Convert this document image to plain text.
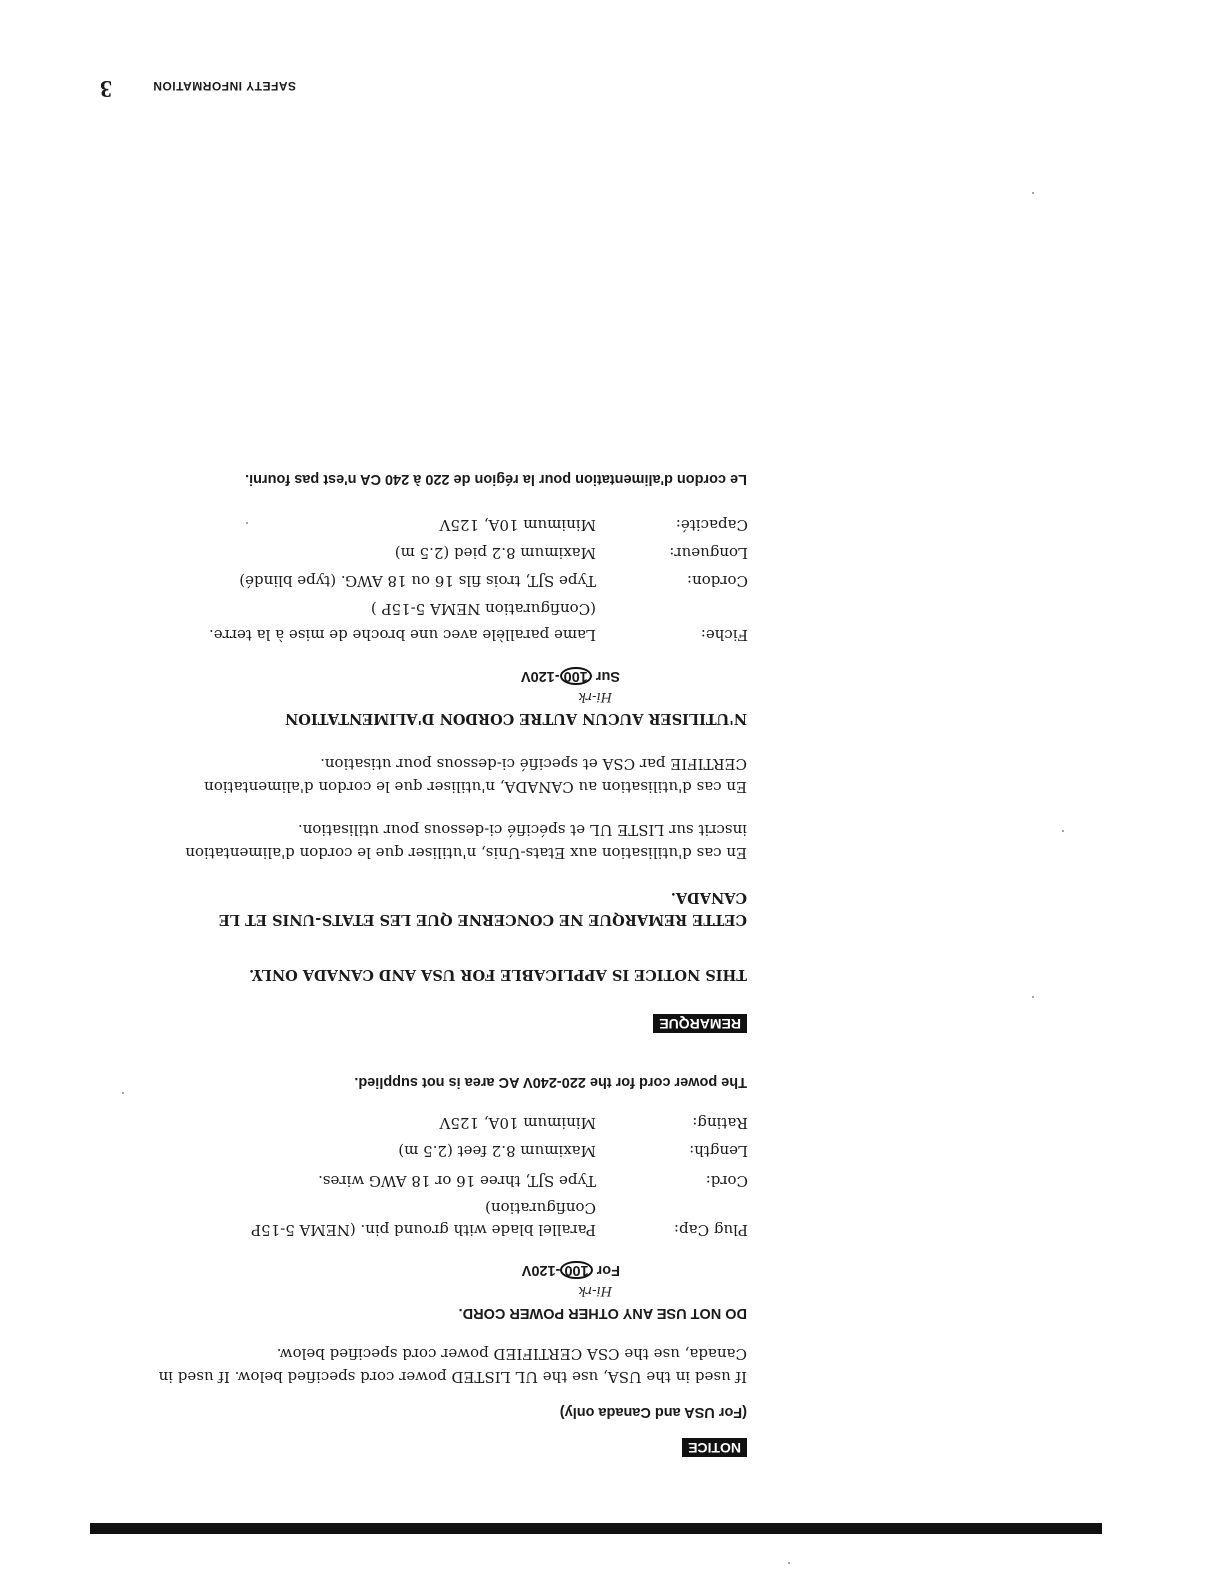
3	SAFETY INFORMATION
NOTICE
(For USA and Canada only)
If used in the USA, use the UL LISTED power cord specified below. If used in
Canada, use the CSA CERTIFIED power cord specified below.
DO NOT USE ANY OTHER POWER CORD.
Hi-rk
For 100-120V
Plug Cap:
Parallel blade with ground pin. (NEMA 5-15P
Configuration)
Cord:
Type SJT, three 16 or 18 AWG wires.
Length:
Maximum 8.2 feet (2.5 m)
Rating:
Minimum 10A, 125V
The power cord for the 220-240V AC area is not supplied.
REMARQUE
THIS NOTICE IS APPLICABLE FOR USA AND CANADA ONLY.
CETTE REMARQUE NE CONCERNE QUE LES ETATS-UNIS ET LE
CANADA.
En cas d'utilisation aux Etats-Unis, n'utiliser que le cordon d'alimentation
inscrit sur LISTE UL et spécifié ci-dessous pour utilisation.
En cas d'utilisation au CANADA, n'utiliser que le cordon d'alimentation
CERTIFIE par CSA et specifié ci-dessous pour utisation.
N'UTILISER AUCUN AUTRE CORDON D'ALIMENTATION
Hi-rk
Sur 100-120V
Fiche:
Lame parallèle avec une broche de mise à la terre.
(Configuration NEMA 5-15P )
Cordon:
Type SJT, trois fils 16 ou 18 AWG. (type blindé)
Longueur:
Maximum 8.2 pied (2.5 m)
Capacité:
Minimum 10A, 125V
Le cordon d'alimentation pour la région de 220 à 240 CA n'est pas fourni.
